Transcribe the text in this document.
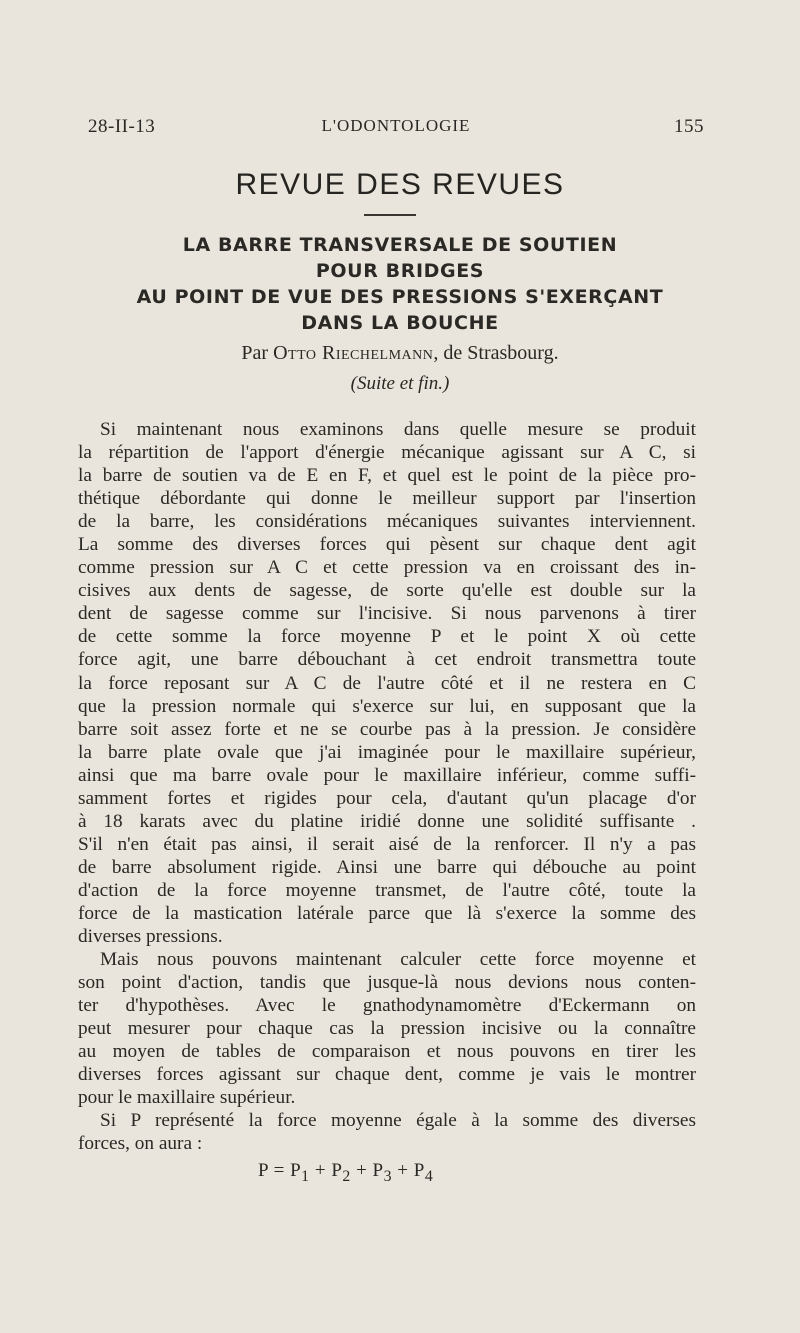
28-II-13	L'ODONTOLOGIE	155
REVUE DES REVUES
LA BARRE TRANSVERSALE DE SOUTIEN
POUR BRIDGES
AU POINT DE VUE DES PRESSIONS S'EXERÇANT
DANS LA BOUCHE
Par Otto Riechelmann, de Strasbourg.
(Suite et fin.)
Si maintenant nous examinons dans quelle mesure se produit
la répartition de l'apport d'énergie mécanique agissant sur A C, si
la barre de soutien va de E en F, et quel est le point de la pièce pro-
thétique débordante qui donne le meilleur support par l'insertion
de la barre, les considérations mécaniques suivantes interviennent.
La somme des diverses forces qui pèsent sur chaque dent agit
comme pression sur A C et cette pression va en croissant des in-
cisives aux dents de sagesse, de sorte qu'elle est double sur la
dent de sagesse comme sur l'incisive. Si nous parvenons à tirer
de cette somme la force moyenne P et le point X où cette
force agit, une barre débouchant à cet endroit transmettra toute
la force reposant sur A C de l'autre côté et il ne restera en C
que la pression normale qui s'exerce sur lui, en supposant que la
barre soit assez forte et ne se courbe pas à la pression. Je considère
la barre plate ovale que j'ai imaginée pour le maxillaire supérieur,
ainsi que ma barre ovale pour le maxillaire inférieur, comme suffi-
samment fortes et rigides pour cela, d'autant qu'un placage d'or
à 18 karats avec du platine iridié donne une solidité suffisante .
S'il n'en était pas ainsi, il serait aisé de la renforcer. Il n'y a pas
de barre absolument rigide. Ainsi une barre qui débouche au point
d'action de la force moyenne transmet, de l'autre côté, toute la
force de la mastication latérale parce que là s'exerce la somme des
diverses pressions.
Mais nous pouvons maintenant calculer cette force moyenne et
son point d'action, tandis que jusque-là nous devions nous conten-
ter d'hypothèses. Avec le gnathodynamomètre d'Eckermann on
peut mesurer pour chaque cas la pression incisive ou la connaître
au moyen de tables de comparaison et nous pouvons en tirer les
diverses forces agissant sur chaque dent, comme je vais le montrer
pour le maxillaire supérieur.
Si P représenté la force moyenne égale à la somme des diverses
forces, on aura :
$P = P_1 + P_2 + P_3 + P_4$
